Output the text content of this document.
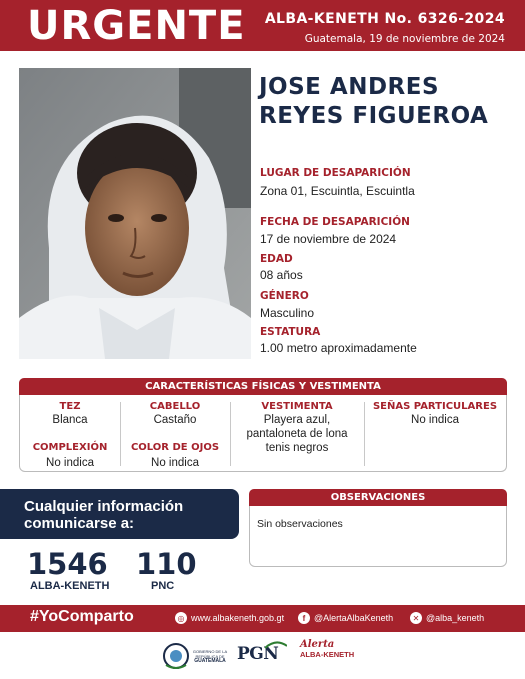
URGENTE ALBA-KENETH No. 6326-2024
Guatemala, 19 de noviembre de 2024
JOSE ANDRES
REYES FIGUEROA
LUGAR DE DESAPARICIÓN
Zona 01, Escuintla, Escuintla
FECHA DE DESAPARICIÓN
17 de noviembre de 2024
EDAD
08 años
GÉNERO
Masculino
ESTATURA
1.00 metro aproximadamente
CARACTERÍSTICAS FÍSICAS Y VESTIMENTA
TEZ
Blanca
CABELLO
Castaño
VESTIMENTA
Playera azul,
pantaloneta de lona
tenis negros
SEÑAS PARTICULARES
No indica
COMPLEXIÓN
No indica
COLOR DE OJOS
No indica
Cualquier información
comunicarse a:
1546
ALBA-KENETH
110
PNC
OBSERVACIONES
Sin observaciones
#YoComparto	◎ www.albakeneth.gob.gt	f @AlertaAlbaKeneth	✕ @alba_keneth
GOBIERNO DE LA REPÚBLICA DE
GUATEMALA PGN Alerta
ALBA-KENETH
